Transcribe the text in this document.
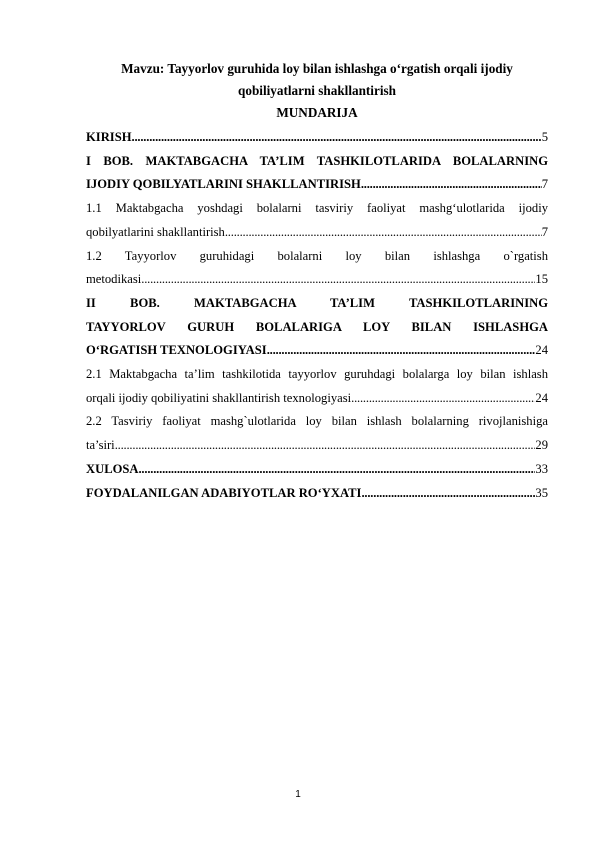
Mavzu: Tayyorlov guruhida loy bilan ishlashga o‘rgatish orqali ijodiy
qobiliyatlarni shakllantirish
MUNDARIJA
KIRISH .....	5
I BOB. MAKTABGACHA TA’LIM TASHKILOTLARIDA BOLALARNING
IJODIY QOBILYATLARINI SHAKLLANTIRISH .....	7
1.1 Maktabgacha yoshdagi bolalarni tasviriy faoliyat mashg‘ulotlarida ijodiy
qobilyatlarini shakllantirish .....	7
1.2 Tayyorlov guruhidagi bolalarni loy bilan ishlashga o`rgatish
metodikasi .....	15
II BOB. MAKTABGACHA TA’LIM TASHKILOTLARINING
TAYYORLOV GURUH BOLALARIGA LOY BILAN ISHLASHGA
O‘RGATISH TEXNOLOGIYASI .....	24
2.1 Maktabgacha ta’lim tashkilotida tayyorlov guruhdagi bolalarga loy bilan ishlash
orqali ijodiy qobiliyatini shakllantirish texnologiyasi .....	24
2.2 Tasviriy faoliyat mashg`ulotlarida loy bilan ishlash bolalarning rivojlanishiga
ta’siri .....	29
XULOSA .....	33
FOYDALANILGAN ADABIYOTLAR RO‘YXATI .....	35
1
